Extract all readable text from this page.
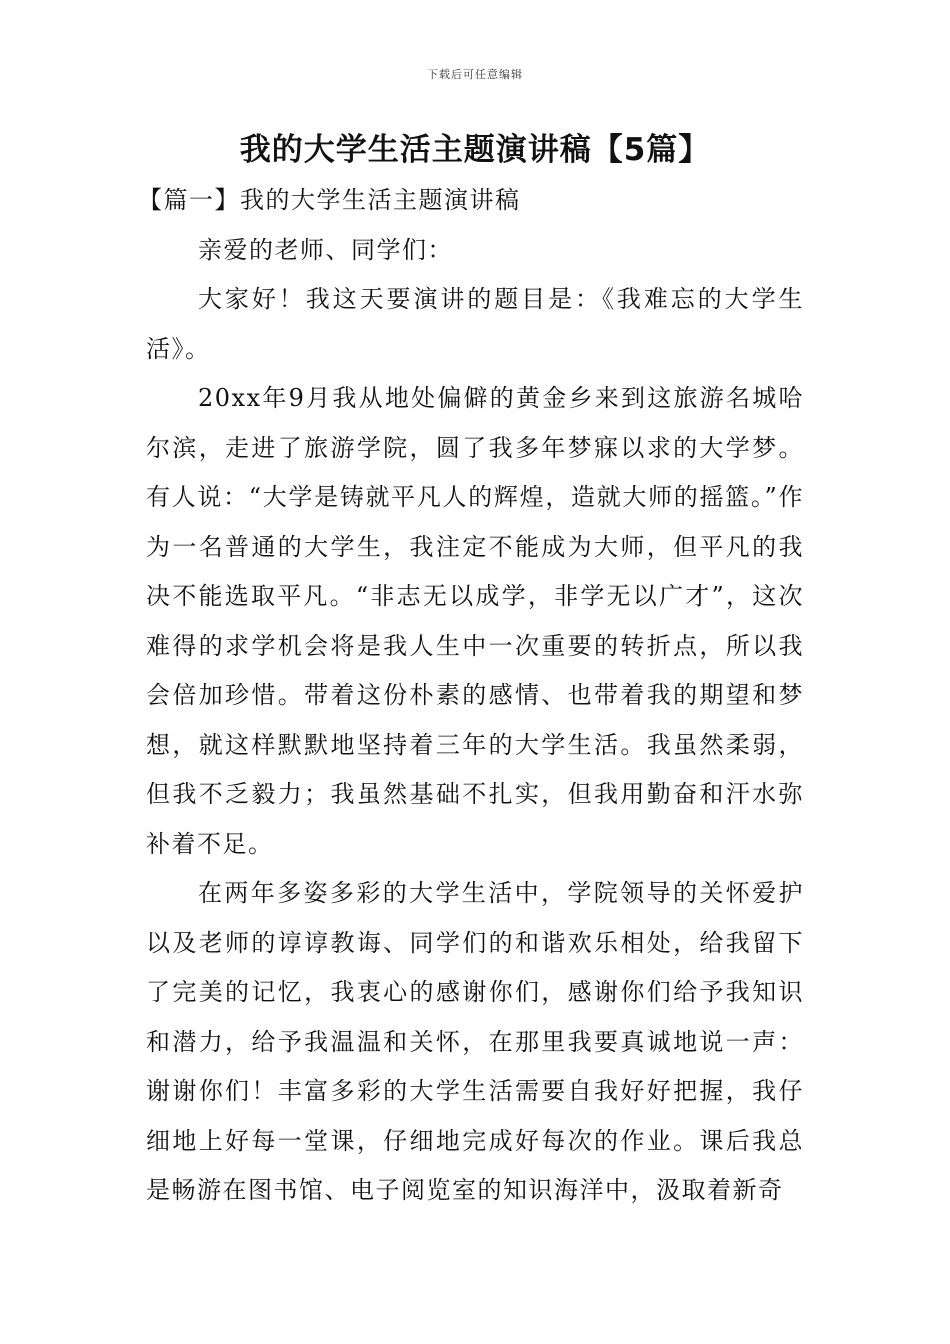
下载后可任意编辑
我的大学生活主题演讲稿【5篇】

【篇一】我的大学生活主题演讲稿

亲爱的老师、同学们：

大家好！我这天要演讲的题目是：《我难忘的大学生活》。

20xx年9月我从地处偏僻的黄金乡来到这旅游名城哈尔滨，走进了旅游学院，圆了我多年梦寐以求的大学梦。有人说：“大学是铸就平凡人的辉煌，造就大师的摇篮。”作为一名普通的大学生，我注定不能成为大师，但平凡的我决不能选取平凡。“非志无以成学，非学无以广才”，这次难得的求学机会将是我人生中一次重要的转折点，所以我会倍加珍惜。带着这份朴素的感情、也带着我的期望和梦想，就这样默默地坚持着三年的大学生活。我虽然柔弱，但我不乏毅力；我虽然基础不扎实，但我用勤奋和汗水弥补着不足。

在两年多姿多彩的大学生活中，学院领导的关怀爱护以及老师的谆谆教诲、同学们的和谐欢乐相处，给我留下了完美的记忆，我衷心的感谢你们，感谢你们给予我知识和潜力，给予我温温和关怀，在那里我要真诚地说一声：谢谢你们！丰富多彩的大学生活需要自我好好把握，我仔细地上好每一堂课，仔细地完成好每次的作业。课后我总是畅游在图书馆、电子阅览室的知识海洋中，汲取着新奇
